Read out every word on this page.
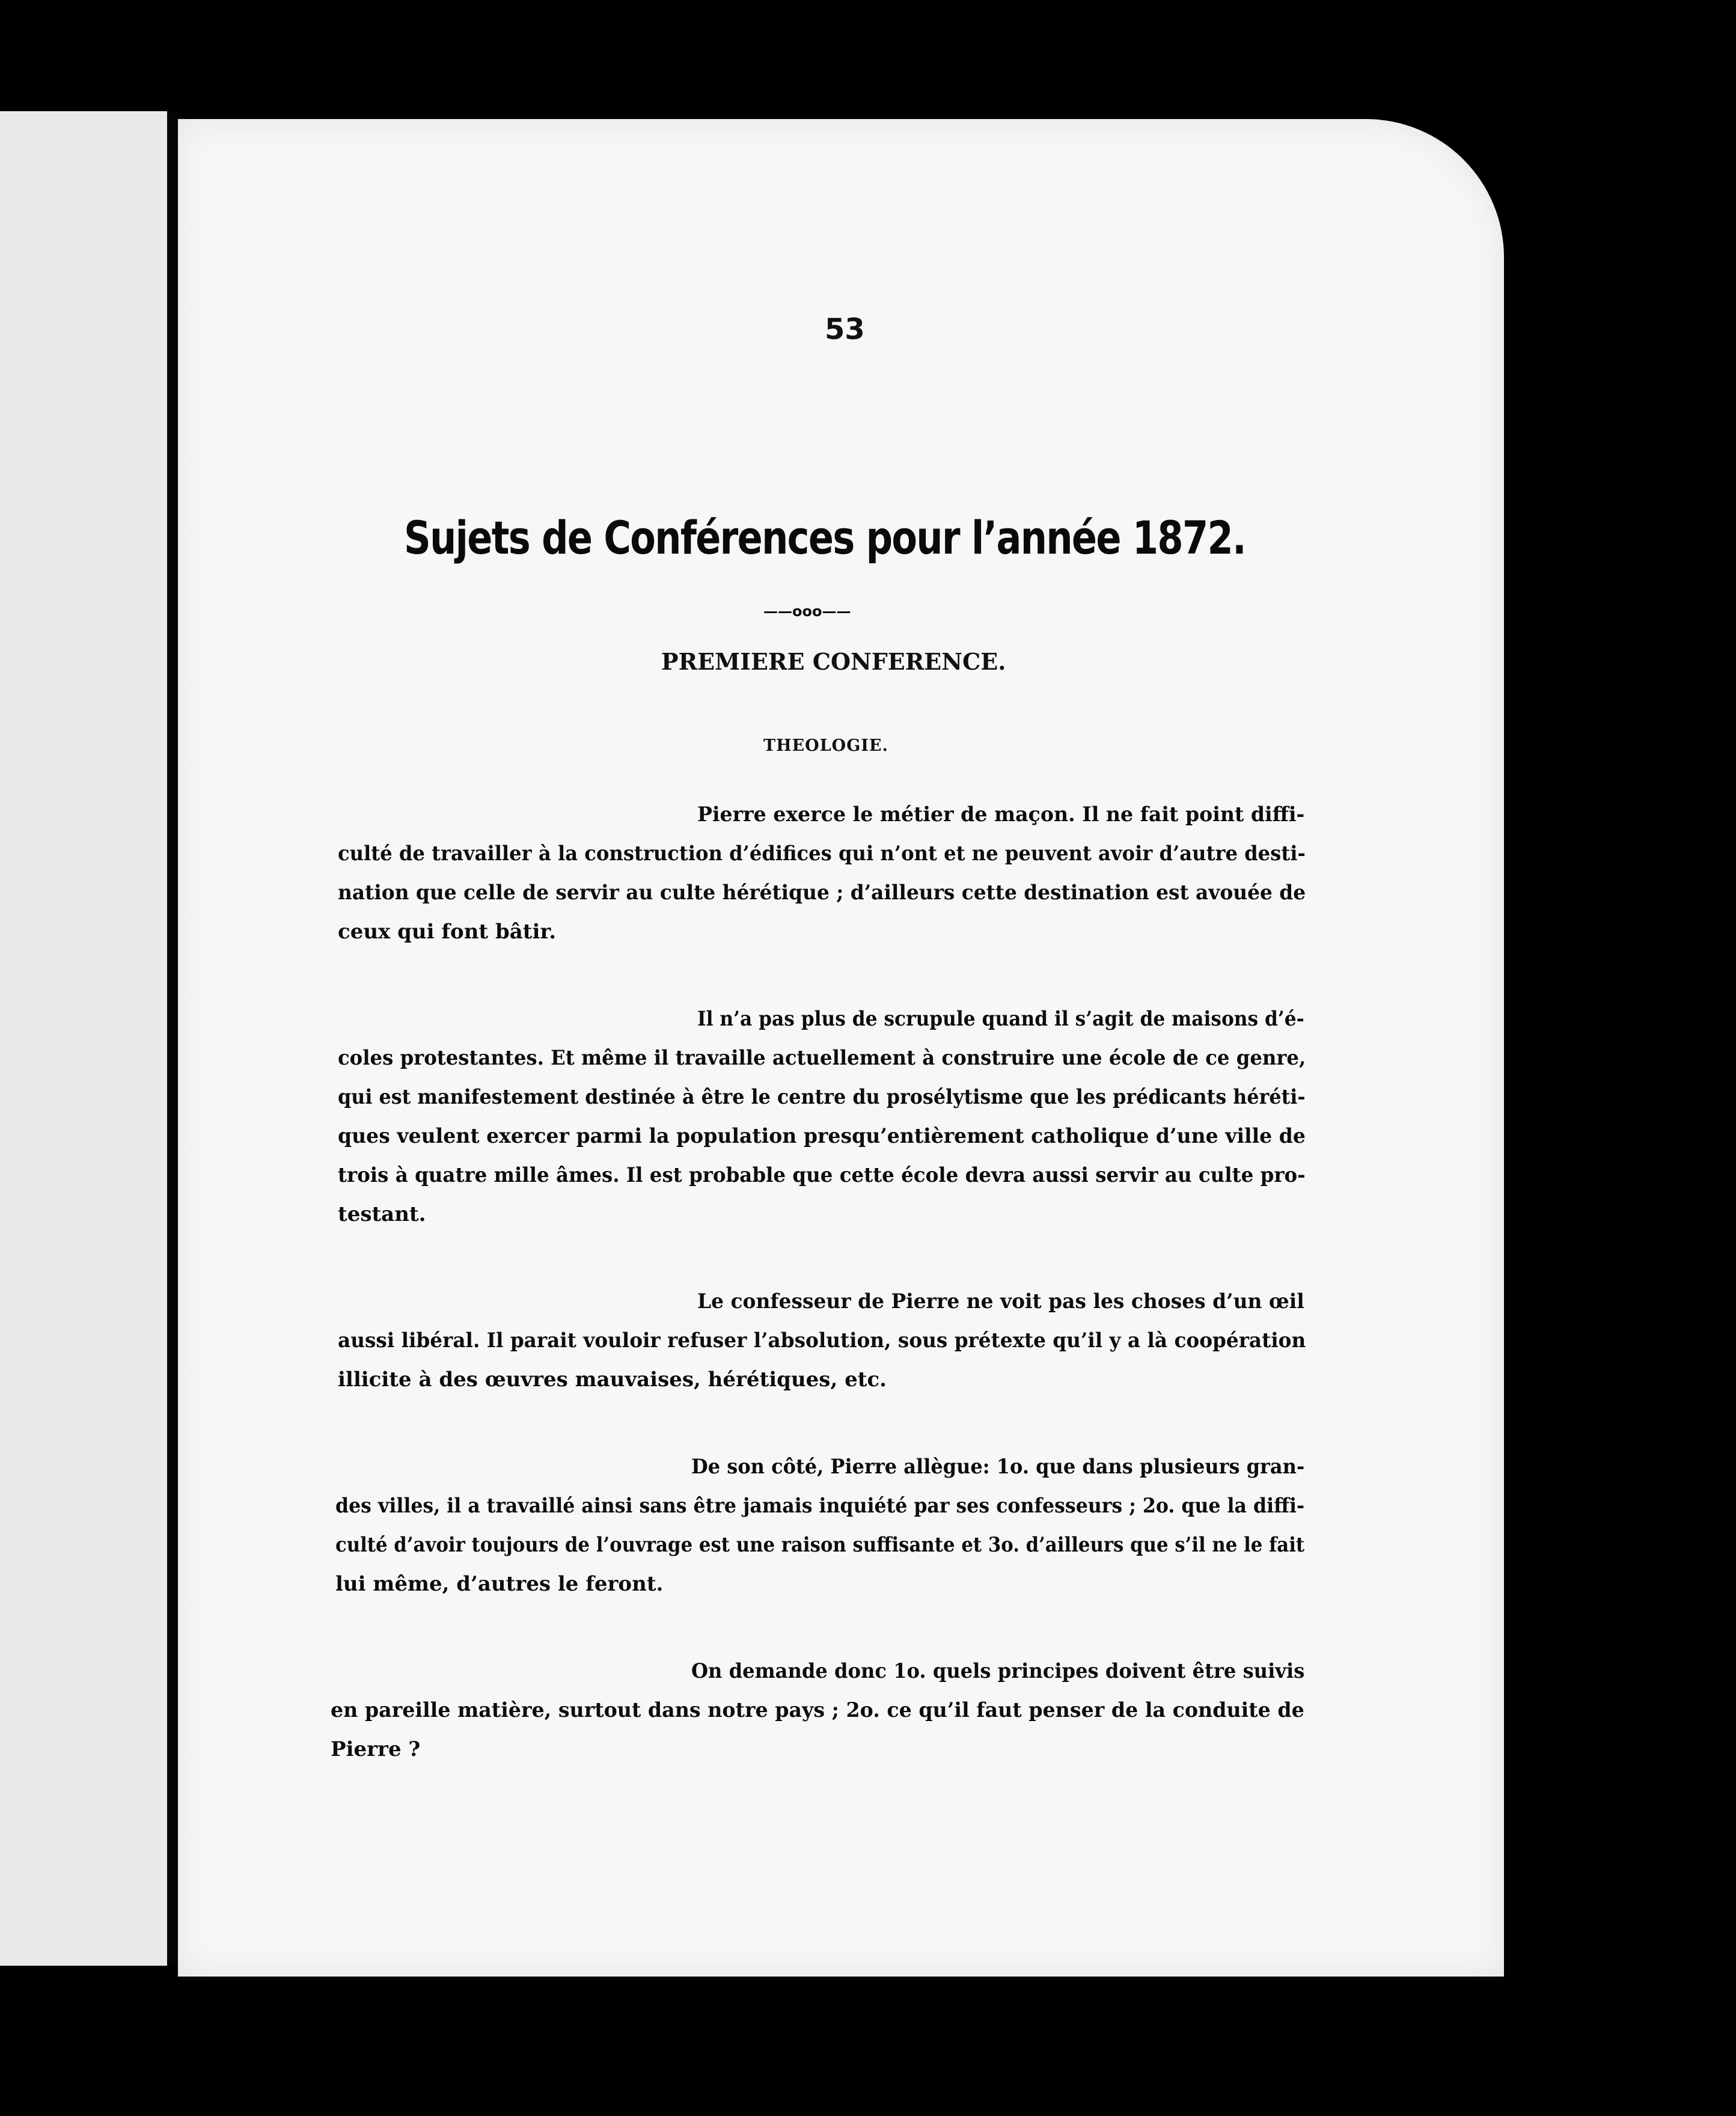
53
Sujets de Conférences pour l’année 1872.
——ooo——
PREMIERE CONFERENCE.
THEOLOGIE.
Pierre exerce le métier de maçon. Il ne fait point diffi-
culté de travailler à la construction d’édifices qui n’ont et ne peuvent avoir d’autre desti-
nation que celle de servir au culte hérétique ; d’ailleurs cette destination est avouée de
ceux qui font bâtir.
Il n’a pas plus de scrupule quand il s’agit de maisons d’é-
coles protestantes. Et même il travaille actuellement à construire une école de ce genre,
qui est manifestement destinée à être le centre du prosélytisme que les prédicants héréti-
ques veulent exercer parmi la population presqu’entièrement catholique d’une ville de
trois à quatre mille âmes. Il est probable que cette école devra aussi servir au culte pro-
testant.
Le confesseur de Pierre ne voit pas les choses d’un œil
aussi libéral. Il parait vouloir refuser l’absolution, sous prétexte qu’il y a là coopération
illicite à des œuvres mauvaises, hérétiques, etc.
De son côté, Pierre allègue: 1o. que dans plusieurs gran-
des villes, il a travaillé ainsi sans être jamais inquiété par ses confesseurs ; 2o. que la diffi-
culté d’avoir toujours de l’ouvrage est une raison suffisante et 3o. d’ailleurs que s’il ne le fait
lui même, d’autres le feront.
On demande donc 1o. quels principes doivent être suivis
en pareille matière, surtout dans notre pays ; 2o. ce qu’il faut penser de la conduite de
Pierre ?
